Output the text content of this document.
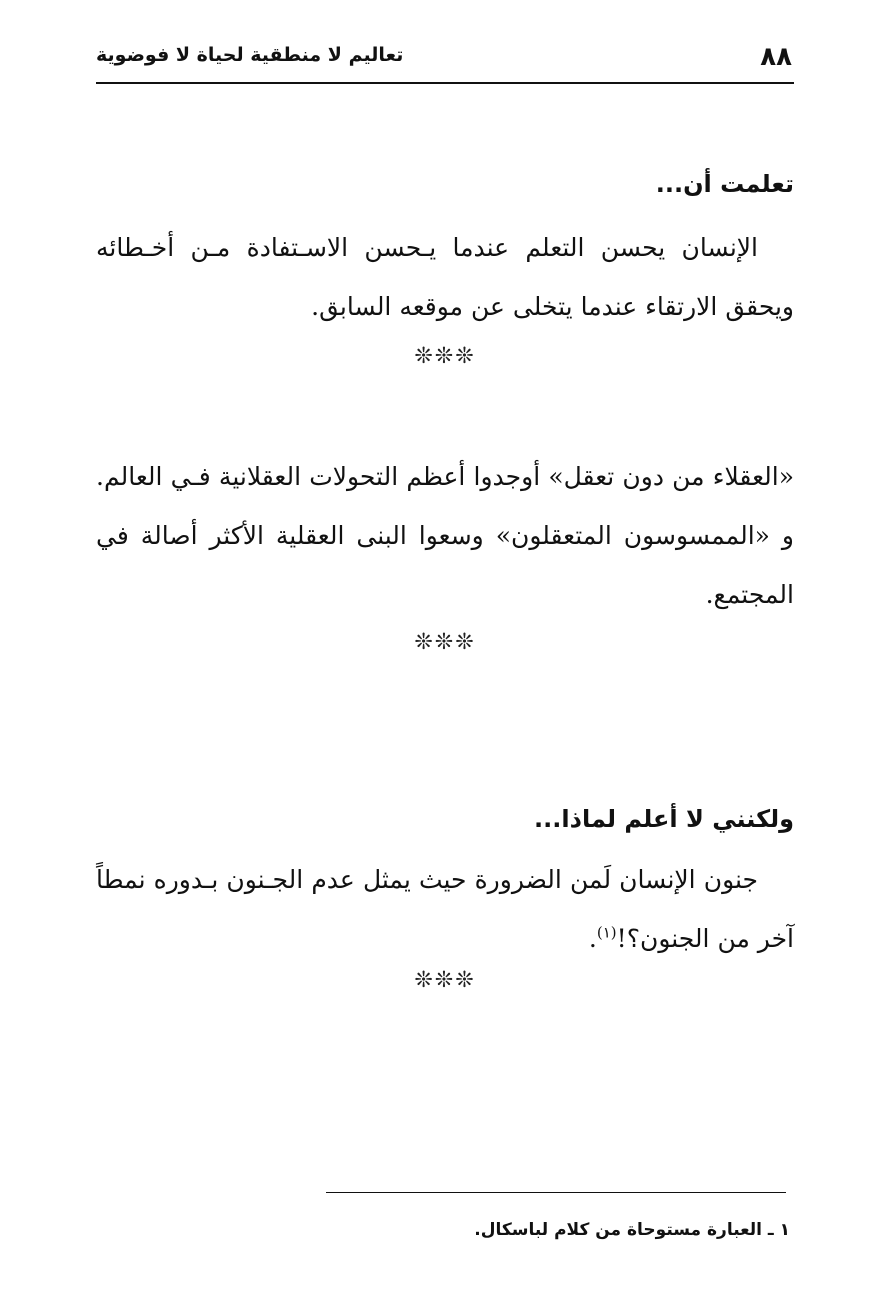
٨٨
تعاليم لا منطقية لحياة لا فوضوية
تعلمت أن...

الإنسان يحسن التعلم عندما يـحسن الاسـتفادة مـن أخـطائه ويحقق الارتقاء عندما يتخلى عن موقعه السابق.

❊❊❊

«العقلاء من دون تعقل» أوجدوا أعظم التحولات العقلانية فـي العالم. و «الممسوسون المتعقلون» وسعوا البنى العقلية الأكثر أصالة في المجتمع.

❊❊❊
ولكنني لا أعلم لماذا...

جنون الإنسان لَمن الضرورة حيث يمثل عدم الجـنون بـدوره نمطاً آخر من الجنون؟!$^{(١)}$.

❊❊❊
١ ـ العبارة مستوحاة من كلام لباسكال.
